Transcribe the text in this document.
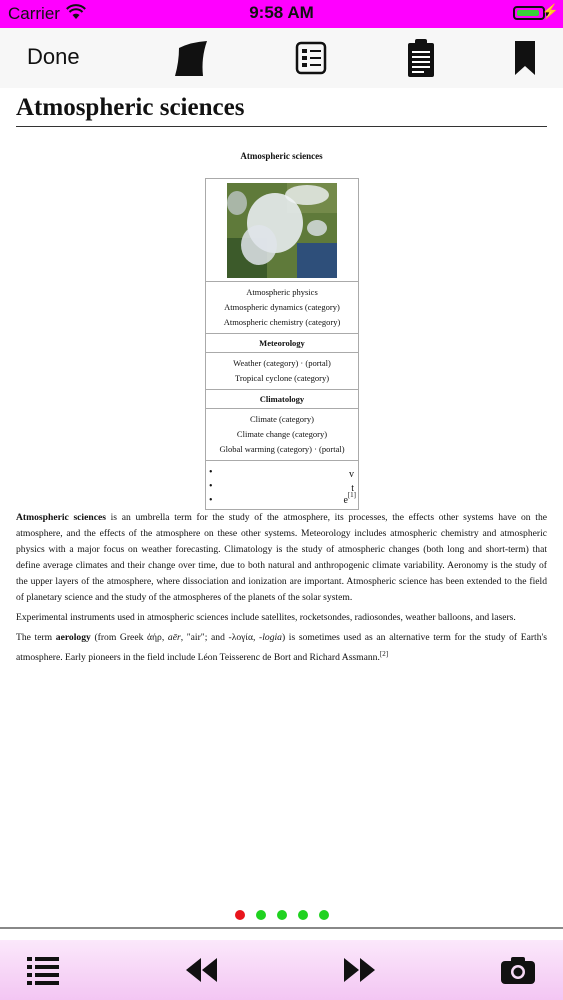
Carrier	9:58 AM	⚡
Done
Atmospheric sciences
Atmospheric sciences
Atmospheric physics
Atmospheric dynamics (category)
Atmospheric chemistry (category)
Meteorology
Weather (category) · (portal)
Tropical cyclone (category)
Climatology
Climate (category)
Climate change (category)
Global warming (category) · (portal)
•
•
•
v
t
e [1]

Atmospheric sciences is an umbrella term for the study of the atmosphere, its processes, the effects other systems have on the atmosphere, and the effects of the atmosphere on these other systems. Meteorology includes atmospheric chemistry and atmospheric physics with a major focus on weather forecasting. Climatology is the study of atmospheric changes (both long and short-term) that define average climates and their change over time, due to both natural and anthropogenic climate variability. Aeronomy is the study of the upper layers of the atmosphere, where dissociation and ionization are important. Atmospheric science has been extended to the field of planetary science and the study of the atmospheres of the planets of the solar system.

Experimental instruments used in atmospheric sciences include satellites, rocketsondes, radiosondes, weather balloons, and lasers.

The term aerology (from Greek ἀήρ, aēr, "air"; and -λογία, -logia) is sometimes used as an alternative term for the study of Earth's atmosphere. Early pioneers in the field include Léon Teisserenc de Bort and Richard Assmann.[2]
